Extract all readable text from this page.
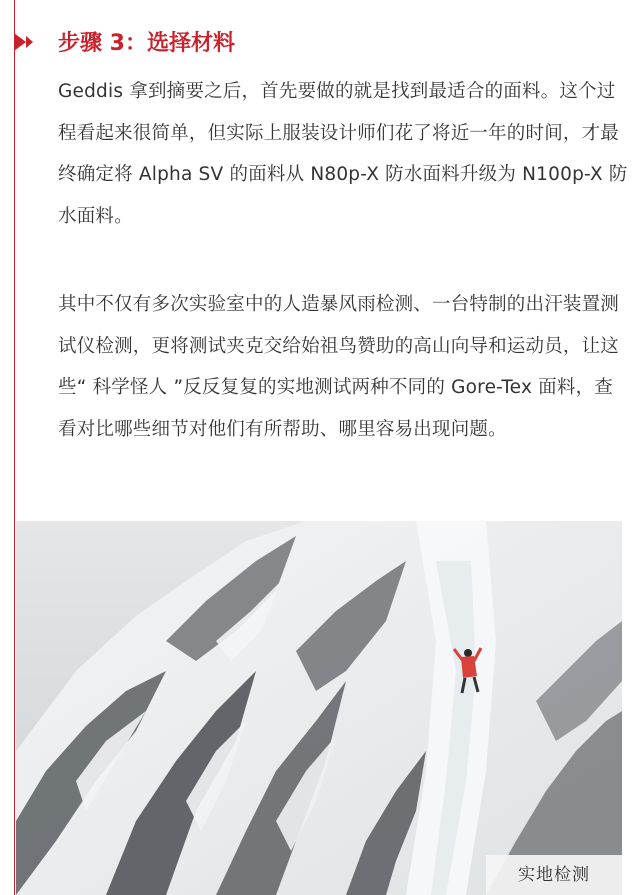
步骤 3：选择材料

Geddis 拿到摘要之后，首先要做的就是找到最适合的面料。这个过程看起来很简单，但实际上服装设计师们花了将近一年的时间，才最终确定将 Alpha SV 的面料从 N80p-X 防水面料升级为 N100p-X 防水面料。

其中不仅有多次实验室中的人造暴风雨检测、一台特制的出汗装置测试仪检测，更将测试夹克交给始祖鸟赞助的高山向导和运动员，让这些“ 科学怪人 ”反反复复的实地测试两种不同的 Gore-Tex 面料，查看对比哪些细节对他们有所帮助、哪里容易出现问题。

实地检测
